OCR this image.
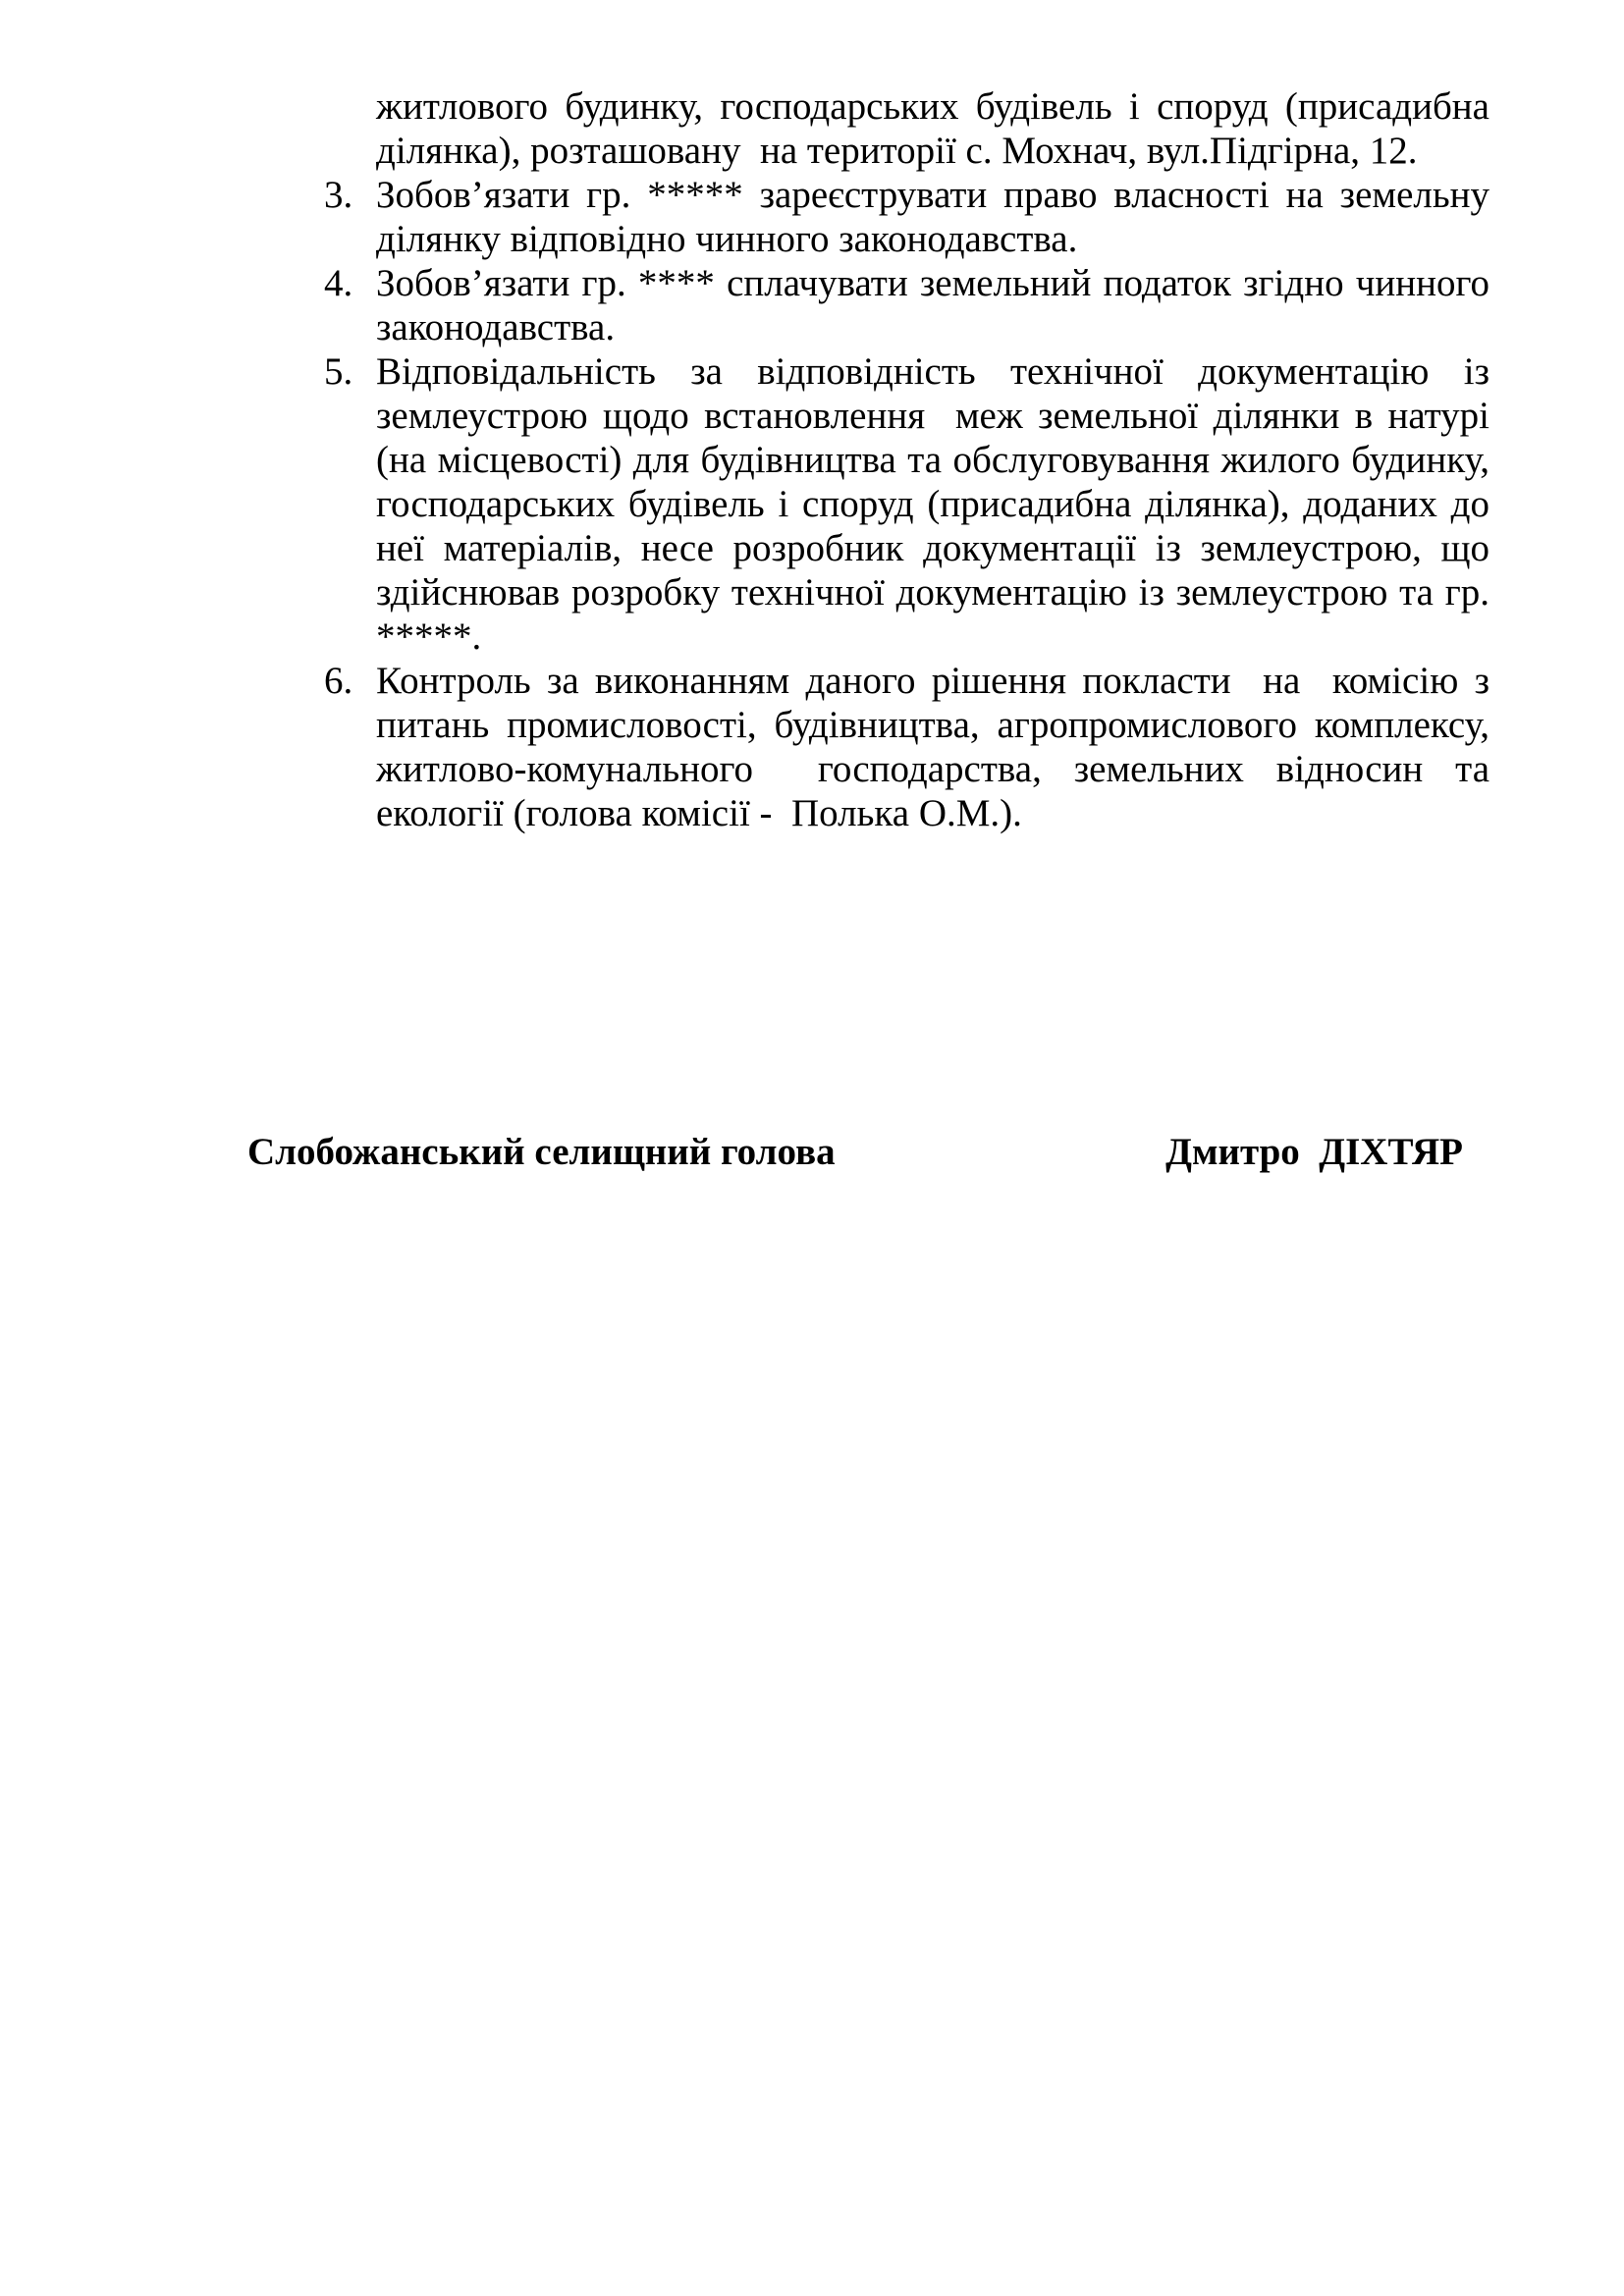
житлового будинку, господарських будівель і споруд (присадибна ділянка), розташовану  на території с. Мохнач, вул.Підгірна, 12.

3. Зобов’язати гр. ***** зареєструвати право власності на земельну ділянку відповідно чинного законодавства.
4. Зобов’язати гр. **** сплачувати земельний податок згідно чинного законодавства.
5. Відповідальність за відповідність технічної документацію із землеустрою щодо встановлення  меж земельної ділянки в натурі (на місцевості) для будівництва та обслуговування жилого будинку, господарських будівель і споруд (присадибна ділянка), доданих до неї матеріалів, несе розробник документації із землеустрою, що здійснював розробку технічної документацію із землеустрою та гр. *****.
6. Контроль за виконанням даного рішення покласти  на  комісію з питань промисловості, будівництва, агропромислового комплексу, житлово-комунального  господарства, земельних відносин та екології (голова комісії -  Полька О.М.).
Слобожанський селищний голова	Дмитро  ДІХТЯР
